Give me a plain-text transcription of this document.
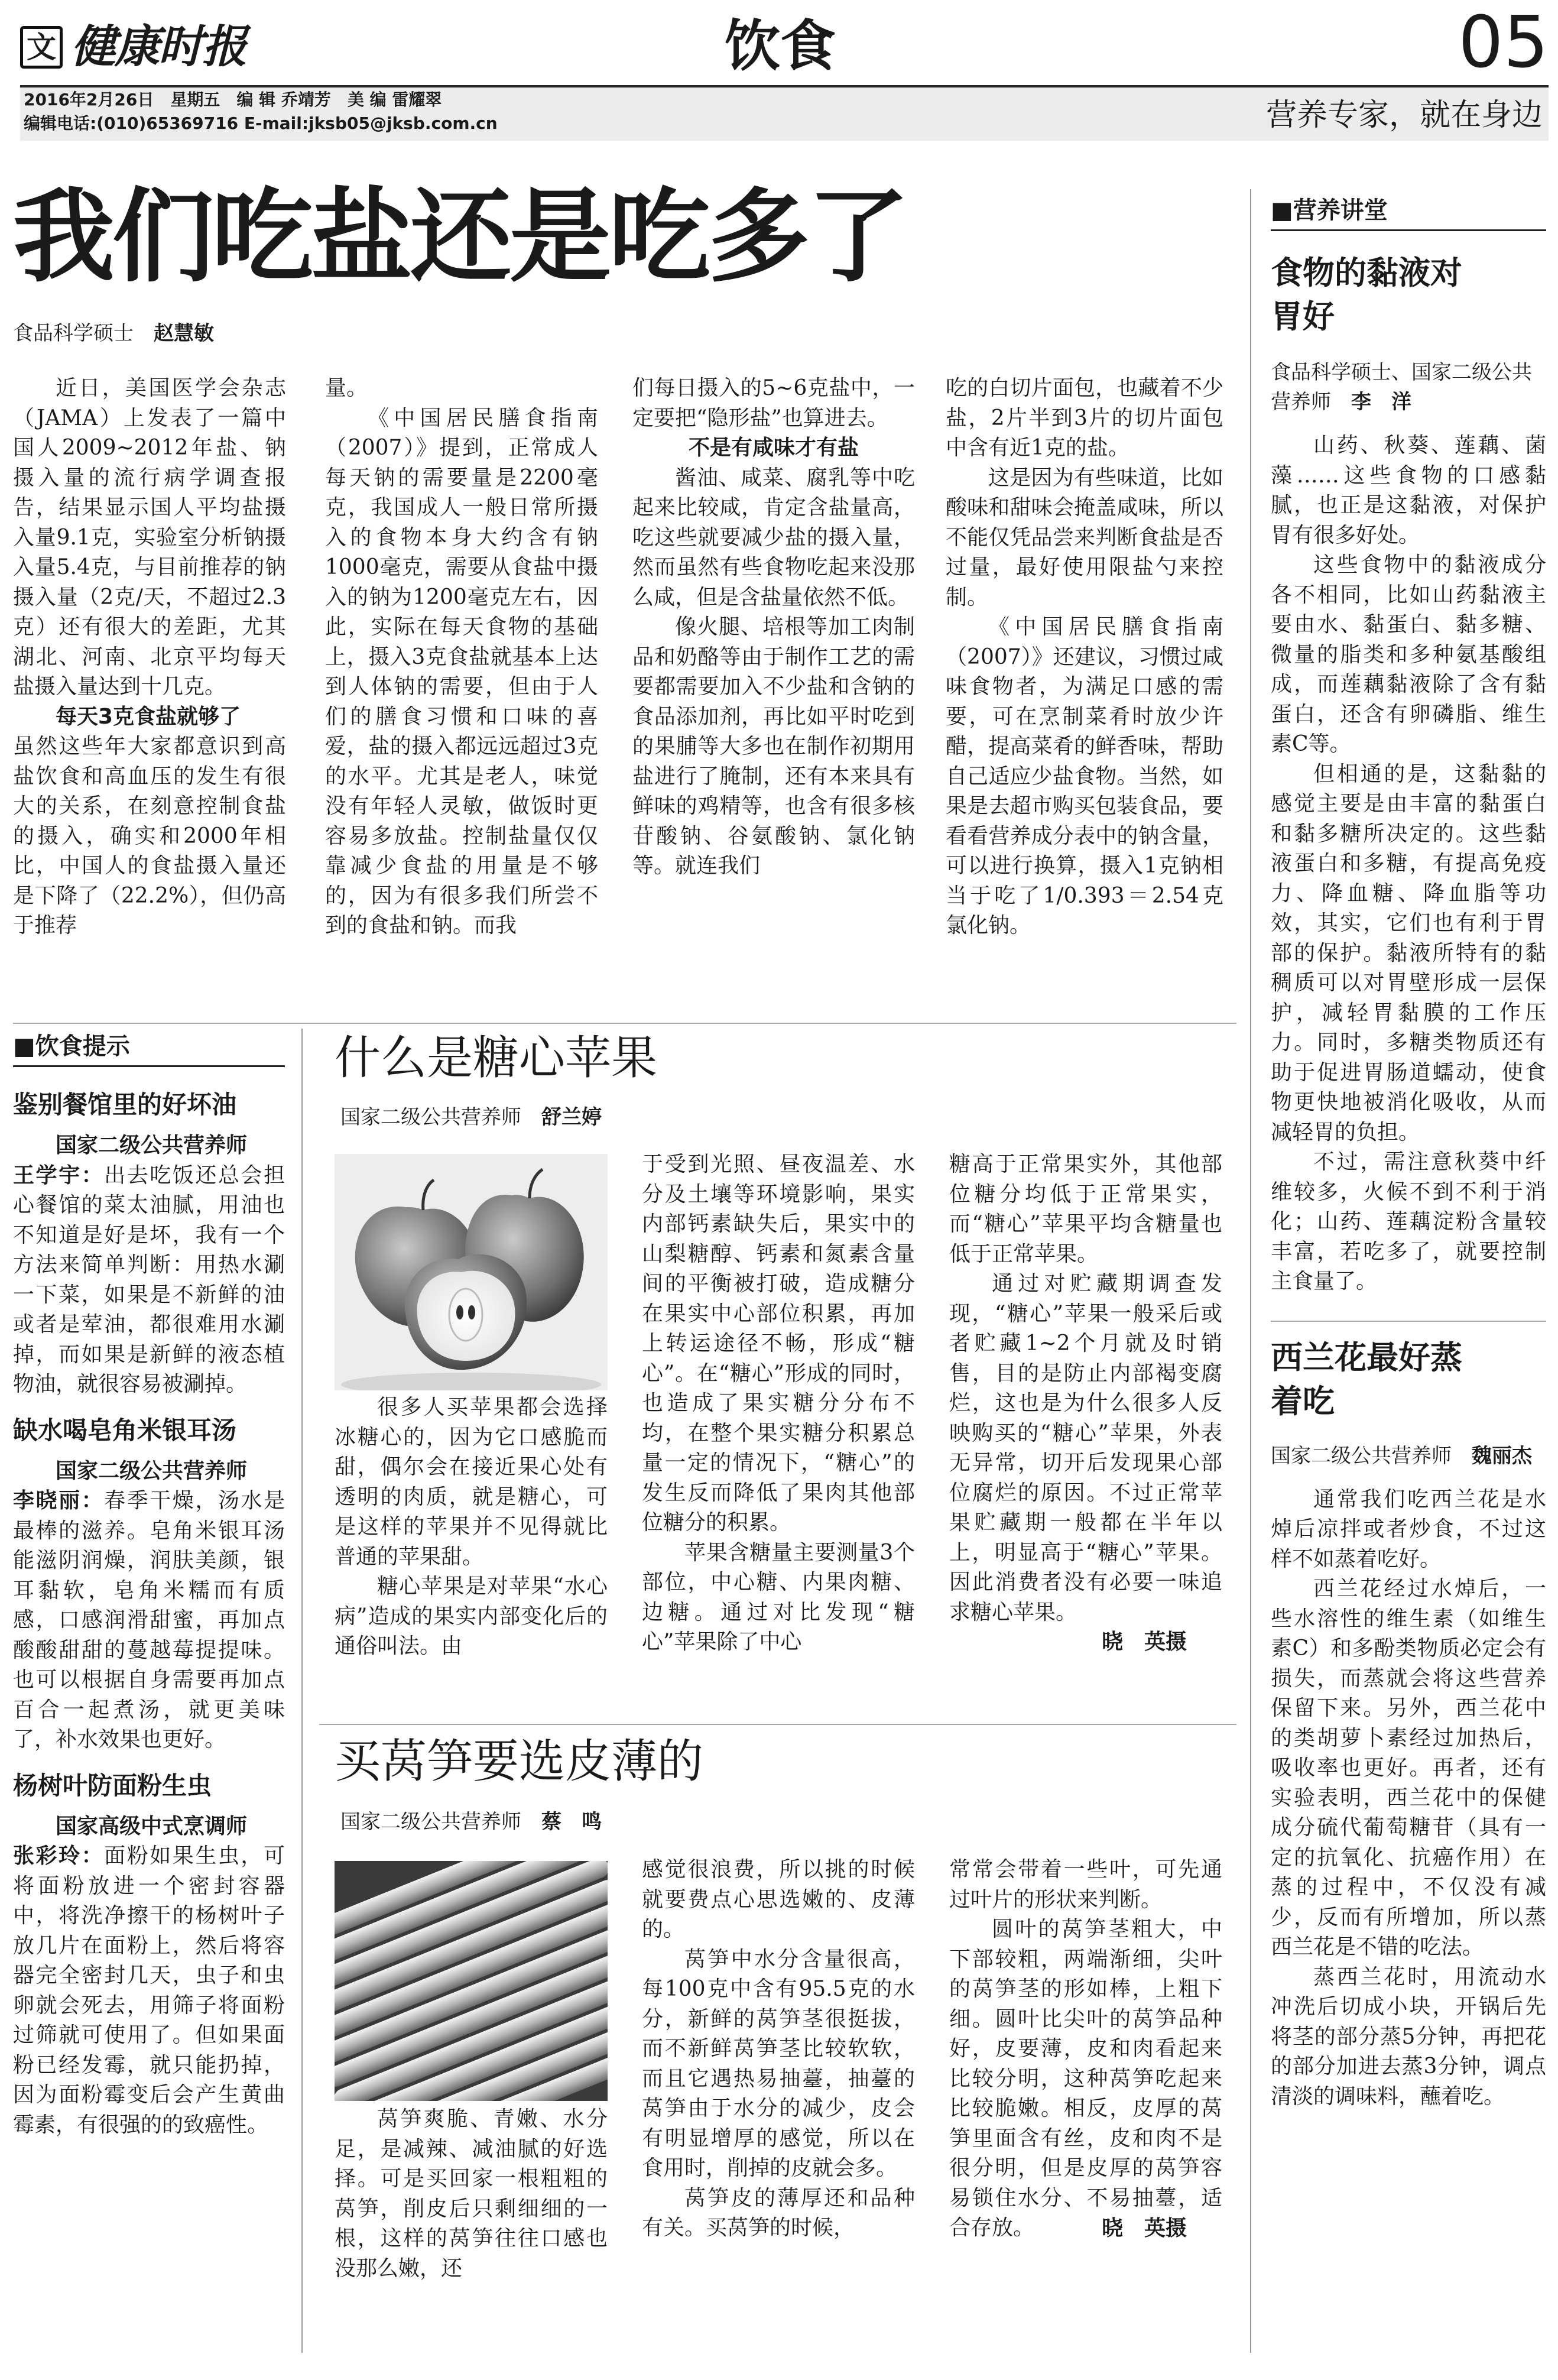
文 健康时报	饮食	05
2016年2月26日　星期五　编 辑 乔靖芳　美 编 雷耀翠
编辑电话:(010)65369716 E-mail:jksb05@jksb.com.cn	营养专家，就在身边
我们吃盐还是吃多了
食品科学硕士　 赵慧敏

近日，美国医学会杂志（JAMA）上发表了一篇中国人2009~2012年盐、钠摄入量的流行病学调查报告，结果显示国人平均盐摄入量9.1克，实验室分析钠摄入量5.4克，与目前推荐的钠摄入量（2克/天，不超过2.3克）还有很大的差距，尤其湖北、河南、北京平均每天盐摄入量达到十几克。

每天3克食盐就够了

虽然这些年大家都意识到高盐饮食和高血压的发生有很大的关系，在刻意控制食盐的摄入，确实和2000年相比，中国人的食盐摄入量还是下降了（22.2%），但仍高于推荐

量。

《中国居民膳食指南（2007）》提到，正常成人每天钠的需要量是2200毫克，我国成人一般日常所摄入的食物本身大约含有钠1000毫克，需要从食盐中摄入的钠为1200毫克左右，因此，实际在每天食物的基础上，摄入3克食盐就基本上达到人体钠的需要，但由于人们的膳食习惯和口味的喜爱，盐的摄入都远远超过3克的水平。尤其是老人，味觉没有年轻人灵敏，做饭时更容易多放盐。控制盐量仅仅靠减少食盐的用量是不够的，因为有很多我们所尝不到的食盐和钠。而我

们每日摄入的5~6克盐中，一定要把“隐形盐”也算进去。

不是有咸味才有盐

酱油、咸菜、腐乳等中吃起来比较咸，肯定含盐量高，吃这些就要减少盐的摄入量，然而虽然有些食物吃起来没那么咸，但是含盐量依然不低。

像火腿、培根等加工肉制品和奶酪等由于制作工艺的需要都需要加入不少盐和含钠的食品添加剂，再比如平时吃到的果脯等大多也在制作初期用盐进行了腌制，还有本来具有鲜味的鸡精等，也含有很多核苷酸钠、谷氨酸钠、氯化钠等。就连我们

吃的白切片面包，也藏着不少盐，2片半到3片的切片面包中含有近1克的盐。

这是因为有些味道，比如酸味和甜味会掩盖咸味，所以不能仅凭品尝来判断食盐是否过量，最好使用限盐勺来控制。

《中国居民膳食指南（2007）》还建议，习惯过咸味食物者，为满足口感的需要，可在烹制菜肴时放少许醋，提高菜肴的鲜香味，帮助自己适应少盐食物。当然，如果是去超市购买包装食品，要看看营养成分表中的钠含量，可以进行换算，摄入1克钠相当于吃了1/0.393＝2.54克氯化钠。

■饮食提示
鉴别餐馆里的好坏油

国家二级公共营养师

王学宇：出去吃饭还总会担心餐馆的菜太油腻，用油也不知道是好是坏，我有一个方法来简单判断：用热水涮一下菜，如果是不新鲜的油或者是荤油，都很难用水涮掉，而如果是新鲜的液态植物油，就很容易被涮掉。

缺水喝皂角米银耳汤

国家二级公共营养师

李晓丽：春季干燥，汤水是最棒的滋养。皂角米银耳汤能滋阴润燥，润肤美颜，银耳黏软，皂角米糯而有质感，口感润滑甜蜜，再加点酸酸甜甜的蔓越莓提提味。也可以根据自身需要再加点百合一起煮汤，就更美味了，补水效果也更好。

杨树叶防面粉生虫

国家高级中式烹调师

张彩玲：面粉如果生虫，可将面粉放进一个密封容器中，将洗净擦干的杨树叶子放几片在面粉上，然后将容器完全密封几天，虫子和虫卵就会死去，用筛子将面粉过筛就可使用了。但如果面粉已经发霉，就只能扔掉，因为面粉霉变后会产生黄曲霉素，有很强的的致癌性。

什么是糖心苹果
国家二级公共营养师　 舒兰婷

很多人买苹果都会选择冰糖心的，因为它口感脆而甜，偶尔会在接近果心处有透明的肉质，就是糖心，可是这样的苹果并不见得就比普通的苹果甜。

糖心苹果是对苹果“水心病”造成的果实内部变化后的通俗叫法。由

于受到光照、昼夜温差、水分及土壤等环境影响，果实内部钙素缺失后，果实中的山梨糖醇、钙素和氮素含量间的平衡被打破，造成糖分在果实中心部位积累，再加上转运途径不畅，形成“糖心”。在“糖心”形成的同时，也造成了果实糖分分布不均，在整个果实糖分积累总量一定的情况下，“糖心”的发生反而降低了果肉其他部位糖分的积累。

苹果含糖量主要测量3个部位，中心糖、内果肉糖、边糖。通过对比发现“糖心”苹果除了中心

糖高于正常果实外，其他部位糖分均低于正常果实，而“糖心”苹果平均含糖量也低于正常苹果。

通过对贮藏期调查发现，“糖心”苹果一般采后或者贮藏1~2个月就及时销售，目的是防止内部褐变腐烂，这也是为什么很多人反映购买的“糖心”苹果，外表无异常，切开后发现果心部位腐烂的原因。不过正常苹果贮藏期一般都在半年以上，明显高于“糖心”苹果。因此消费者没有必要一味追求糖心苹果。

晓　英摄

买莴笋要选皮薄的
国家二级公共营养师　 蔡　鸣

莴笋爽脆、青嫩、水分足，是减辣、减油腻的好选择。可是买回家一根粗粗的莴笋，削皮后只剩细细的一根，这样的莴笋往往口感也没那么嫩，还

感觉很浪费，所以挑的时候就要费点心思选嫩的、皮薄的。

莴笋中水分含量很高，每100克中含有95.5克的水分，新鲜的莴笋茎很挺拔，而不新鲜莴笋茎比较软软，而且它遇热易抽薹，抽薹的莴笋由于水分的减少，皮会有明显增厚的感觉，所以在食用时，削掉的皮就会多。

莴笋皮的薄厚还和品种有关。买莴笋的时候，

常常会带着一些叶，可先通过叶片的形状来判断。

圆叶的莴笋茎粗大，中下部较粗，两端渐细，尖叶的莴笋茎的形如棒，上粗下细。圆叶比尖叶的莴笋品种好，皮要薄，皮和肉看起来比较分明，这种莴笋吃起来比较脆嫩。相反，皮厚的莴笋里面含有丝，皮和肉不是很分明，但是皮厚的莴笋容易锁住水分、不易抽薹，适合存放。	晓　英摄

■营养讲堂
食物的黏液对胃好
食品科学硕士、国家二级公共营养师　 李　洋

山药、秋葵、莲藕、菌藻……这些食物的口感黏腻，也正是这黏液，对保护胃有很多好处。

这些食物中的黏液成分各不相同，比如山药黏液主要由水、黏蛋白、黏多糖、微量的脂类和多种氨基酸组成，而莲藕黏液除了含有黏蛋白，还含有卵磷脂、维生素C等。

但相通的是，这黏黏的感觉主要是由丰富的黏蛋白和黏多糖所决定的。这些黏液蛋白和多糖，有提高免疫力、降血糖、降血脂等功效，其实，它们也有利于胃部的保护。黏液所特有的黏稠质可以对胃壁形成一层保护，减轻胃黏膜的工作压力。同时，多糖类物质还有助于促进胃肠道蠕动，使食物更快地被消化吸收，从而减轻胃的负担。

不过，需注意秋葵中纤维较多，火候不到不利于消化；山药、莲藕淀粉含量较丰富，若吃多了，就要控制主食量了。

西兰花最好蒸着吃
国家二级公共营养师　 魏丽杰

通常我们吃西兰花是水焯后凉拌或者炒食，不过这样不如蒸着吃好。

西兰花经过水焯后，一些水溶性的维生素（如维生素C）和多酚类物质必定会有损失，而蒸就会将这些营养保留下来。另外，西兰花中的类胡萝卜素经过加热后，吸收率也更好。再者，还有实验表明，西兰花中的保健成分硫代葡萄糖苷（具有一定的抗氧化、抗癌作用）在蒸的过程中，不仅没有减少，反而有所增加，所以蒸西兰花是不错的吃法。

蒸西兰花时，用流动水冲洗后切成小块，开锅后先将茎的部分蒸5分钟，再把花的部分加进去蒸3分钟，调点清淡的调味料，蘸着吃。
